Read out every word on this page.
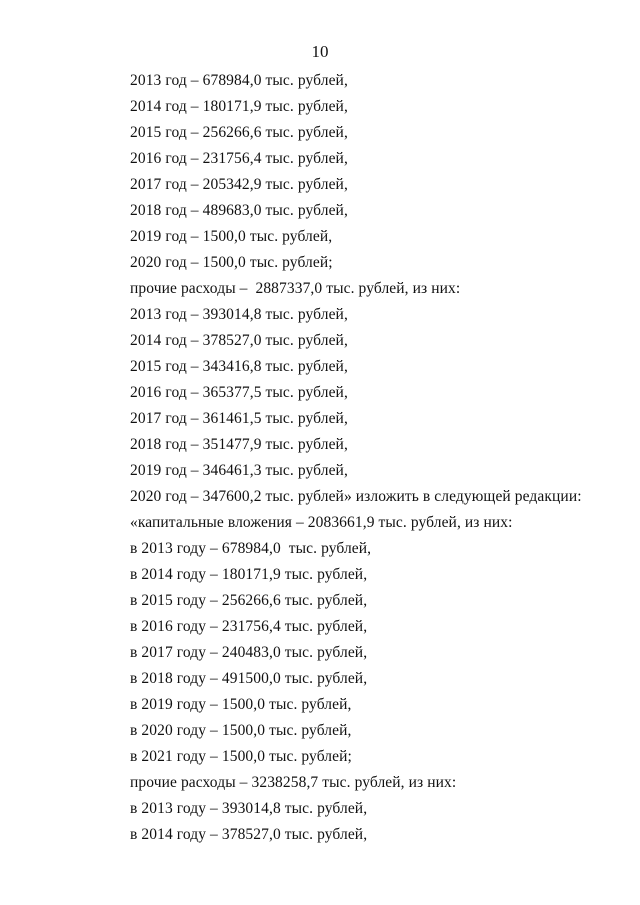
10
2013 год – 678984,0 тыс. рублей,
2014 год – 180171,9 тыс. рублей,
2015 год – 256266,6 тыс. рублей,
2016 год – 231756,4 тыс. рублей,
2017 год – 205342,9 тыс. рублей,
2018 год – 489683,0 тыс. рублей,
2019 год – 1500,0 тыс. рублей,
2020 год – 1500,0 тыс. рублей;
прочие расходы –  2887337,0 тыс. рублей, из них:
2013 год – 393014,8 тыс. рублей,
2014 год – 378527,0 тыс. рублей,
2015 год – 343416,8 тыс. рублей,
2016 год – 365377,5 тыс. рублей,
2017 год – 361461,5 тыс. рублей,
2018 год – 351477,9 тыс. рублей,
2019 год – 346461,3 тыс. рублей,
2020 год – 347600,2 тыс. рублей» изложить в следующей редакции:
«капитальные вложения – 2083661,9 тыс. рублей, из них:
в 2013 году – 678984,0  тыс. рублей,
в 2014 году – 180171,9 тыс. рублей,
в 2015 году – 256266,6 тыс. рублей,
в 2016 году – 231756,4 тыс. рублей,
в 2017 году – 240483,0 тыс. рублей,
в 2018 году – 491500,0 тыс. рублей,
в 2019 году – 1500,0 тыс. рублей,
в 2020 году – 1500,0 тыс. рублей,
в 2021 году – 1500,0 тыс. рублей;
прочие расходы – 3238258,7 тыс. рублей, из них:
в 2013 году – 393014,8 тыс. рублей,
в 2014 году – 378527,0 тыс. рублей,
